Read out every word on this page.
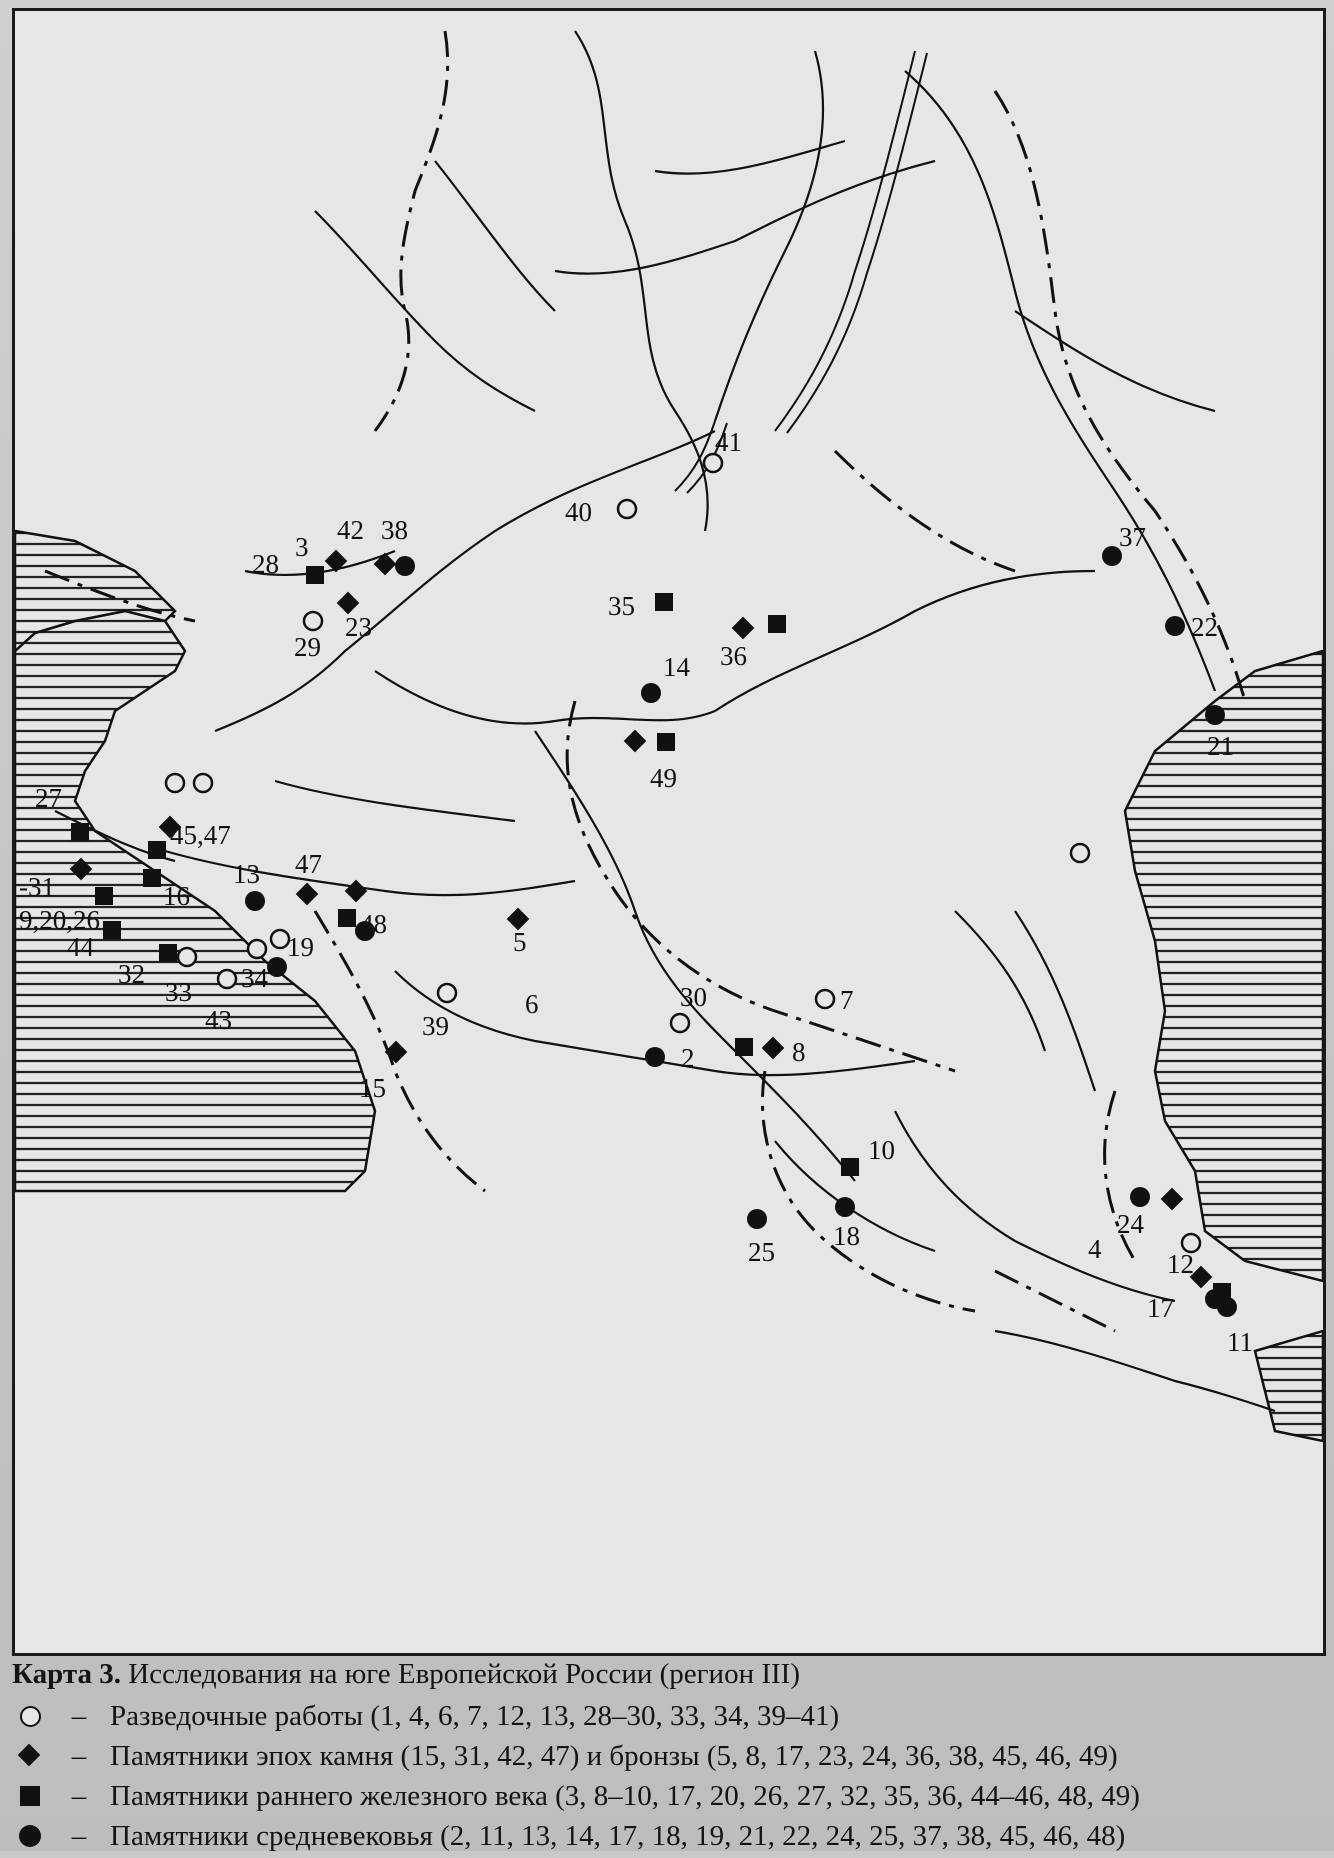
41
40
37
42 38
3
28
23
29
22
35
36
14
21
49
27
45,47
47
-31	16
13
9,20,26	48
44	19	5
32	34
33
43
30	7
39
6
2	8
15
10
24
4 12
18
17
25
11
Карта 3. Исследования на юге Европейской России (регион III)
– Разведочные работы (1, 4, 6, 7, 12, 13, 28–30, 33, 34, 39–41)
– Памятники эпох камня (15, 31, 42, 47) и бронзы (5, 8, 17, 23, 24, 36, 38, 45, 46, 49)
– Памятники раннего железного века (3, 8–10, 17, 20, 26, 27, 32, 35, 36, 44–46, 48, 49)
– Памятники средневековья (2, 11, 13, 14, 17, 18, 19, 21, 22, 24, 25, 37, 38, 45, 46, 48)
